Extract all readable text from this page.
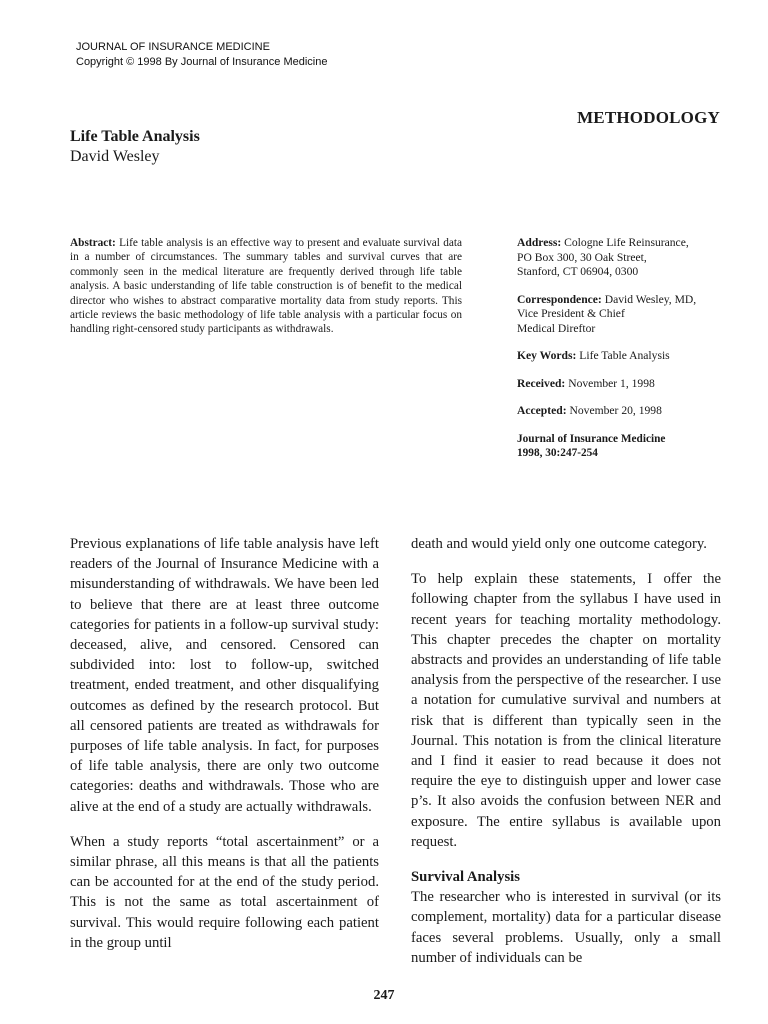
JOURNAL OF INSURANCE MEDICINE
Copyright © 1998 By Journal of Insurance Medicine
METHODOLOGY
Life Table Analysis
David Wesley

Abstract: Life table analysis is an effective way to present and evaluate survival data in a number of circumstances. The summary tables and survival curves that are commonly seen in the medical literature are frequently derived through life table analysis. A basic understanding of life table construction is of benefit to the medical director who wishes to abstract comparative mortality data from study reports. This article reviews the basic methodology of life table analysis with a particular focus on handling right-censored study participants as withdrawals.

Address: Cologne Life Reinsurance,
PO Box 300, 30 Oak Street,
Stanford, CT 06904, 0300
Correspondence: David Wesley, MD,
Vice President & Chief
Medical Direftor
Key Words: Life Table Analysis
Received: November 1, 1998
Accepted: November 20, 1998
Journal of Insurance Medicine
1998, 30:247-254

Previous explanations of life table analysis have left readers of the Journal of Insurance Medicine with a misunderstanding of withdrawals. We have been led to believe that there are at least three outcome categories for patients in a follow-up survival study: deceased, alive, and censored. Censored can subdivided into: lost to follow-up, switched treatment, ended treatment, and other disqualifying outcomes as defined by the research protocol. But all censored patients are treated as withdrawals for purposes of life table analysis. In fact, for purposes of life table analysis, there are only two outcome categories: deaths and withdrawals. Those who are alive at the end of a study are actually withdrawals.

When a study reports “total ascertainment” or a similar phrase, all this means is that all the patients can be accounted for at the end of the study period. This is not the same as total ascertainment of survival. This would require following each patient in the group until

death and would yield only one outcome category.

To help explain these statements, I offer the following chapter from the syllabus I have used in recent years for teaching mortality methodology. This chapter precedes the chapter on mortality abstracts and provides an understanding of life table analysis from the perspective of the researcher. I use a notation for cumulative survival and numbers at risk that is different than typically seen in the Journal. This notation is from the clinical literature and I find it easier to read because it does not require the eye to distinguish upper and lower case p’s. It also avoids the confusion between NER and exposure. The entire syllabus is available upon request.

Survival Analysis

The researcher who is interested in survival (or its complement, mortality) data for a particular disease faces several problems. Usually, only a small number of individuals can be

247
